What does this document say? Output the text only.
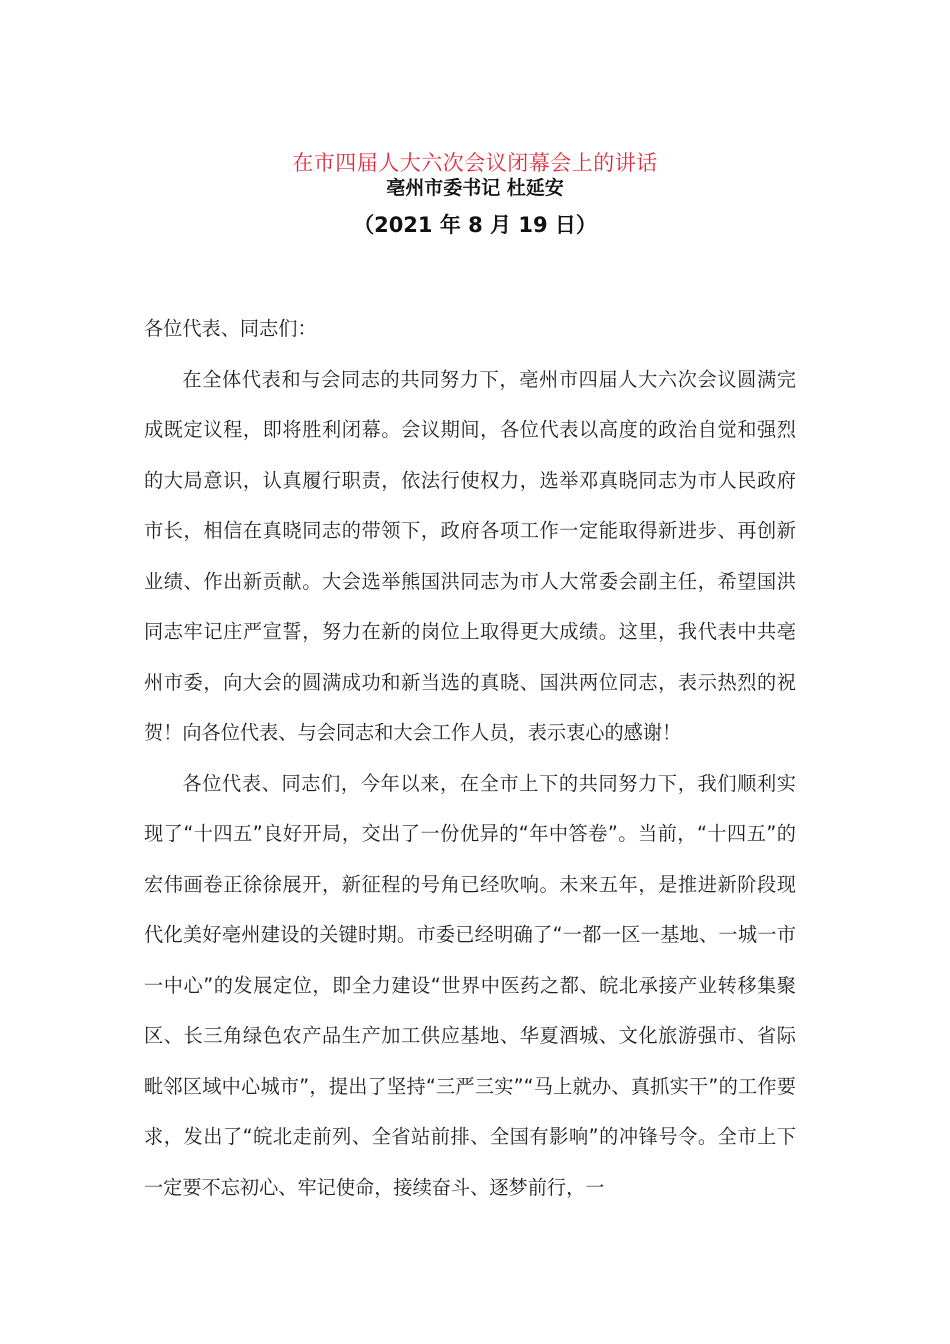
在市四届人大六次会议闭幕会上的讲话
亳州市委书记 杜延安
（2021 年 8 月 19 日）

各位代表、同志们：

在全体代表和与会同志的共同努力下，亳州市四届人大六次会议圆满完成既定议程，即将胜利闭幕。会议期间，各位代表以高度的政治自觉和强烈的大局意识，认真履行职责，依法行使权力，选举邓真晓同志为市人民政府市长，相信在真晓同志的带领下，政府各项工作一定能取得新进步、再创新业绩、作出新贡献。大会选举熊国洪同志为市人大常委会副主任，希望国洪同志牢记庄严宣誓，努力在新的岗位上取得更大成绩。这里，我代表中共亳州市委，向大会的圆满成功和新当选的真晓、国洪两位同志，表示热烈的祝贺！向各位代表、与会同志和大会工作人员，表示衷心的感谢！

各位代表、同志们，今年以来，在全市上下的共同努力下，我们顺利实现了“十四五”良好开局，交出了一份优异的“年中答卷”。当前，“十四五”的宏伟画卷正徐徐展开，新征程的号角已经吹响。未来五年，是推进新阶段现代化美好亳州建设的关键时期。市委已经明确了“一都一区一基地、一城一市一中心”的发展定位，即全力建设“世界中医药之都、皖北承接产业转移集聚区、长三角绿色农产品生产加工供应基地、华夏酒城、文化旅游强市、省际毗邻区域中心城市”，提出了坚持“三严三实”“马上就办、真抓实干”的工作要求，发出了“皖北走前列、全省站前排、全国有影响”的冲锋号令。全市上下一定要不忘初心、牢记使命，接续奋斗、逐梦前行，一
